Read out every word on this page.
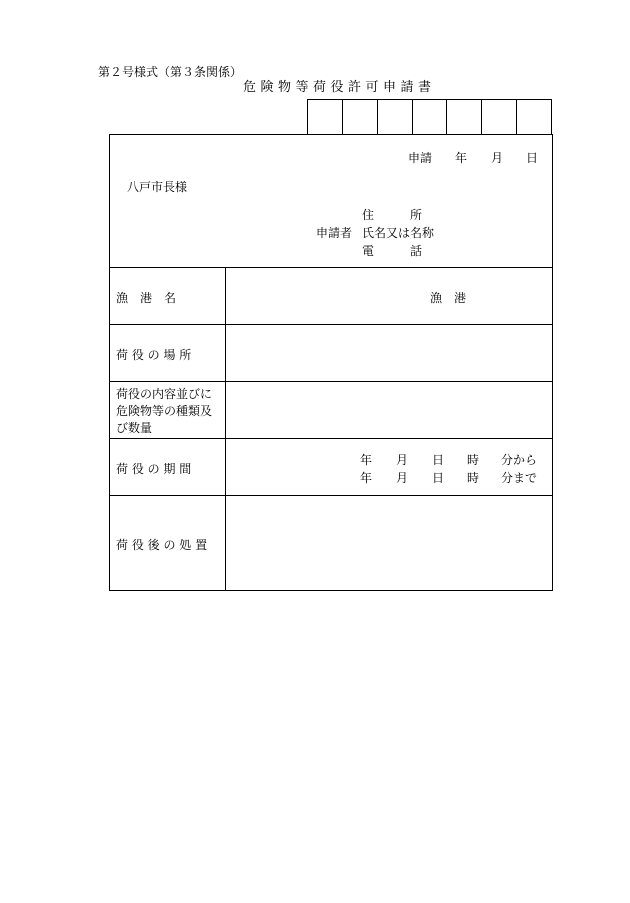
第２号様式（第３条関係）
危険物等荷役許可申請書
申請 年 月 日
八戸市長様
住　　　所
申請者 氏名又は名称
電　　　話
漁　港　名	漁　港
荷 役 の 場 所
荷役の内容並びに危険物等の種類及び数量
荷 役 の 期 間
年 月 日 時 分から
年 月 日 時 分まで
荷 役 後 の 処 置
